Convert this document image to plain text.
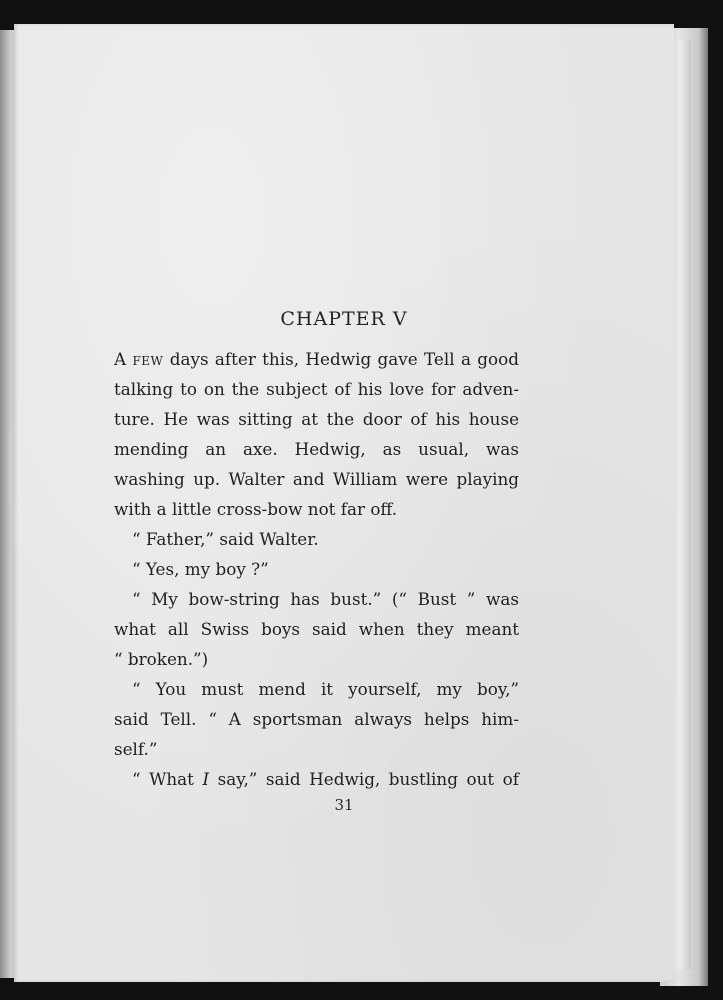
CHAPTER V
A few days after this, Hedwig gave Tell a good
talking to on the subject of his love for adven-
ture. He was sitting at the door of his house
mending an axe. Hedwig, as usual, was
washing up. Walter and William were playing
with a little cross-bow not far off.
“ Father,” said Walter.
“ Yes, my boy ?”
“ My bow-string has bust.” (“ Bust ” was
what all Swiss boys said when they meant
“ broken.”)
“ You must mend it yourself, my boy,”
said Tell. “ A sportsman always helps him-
self.”
“ What I say,” said Hedwig, bustling out of

31
